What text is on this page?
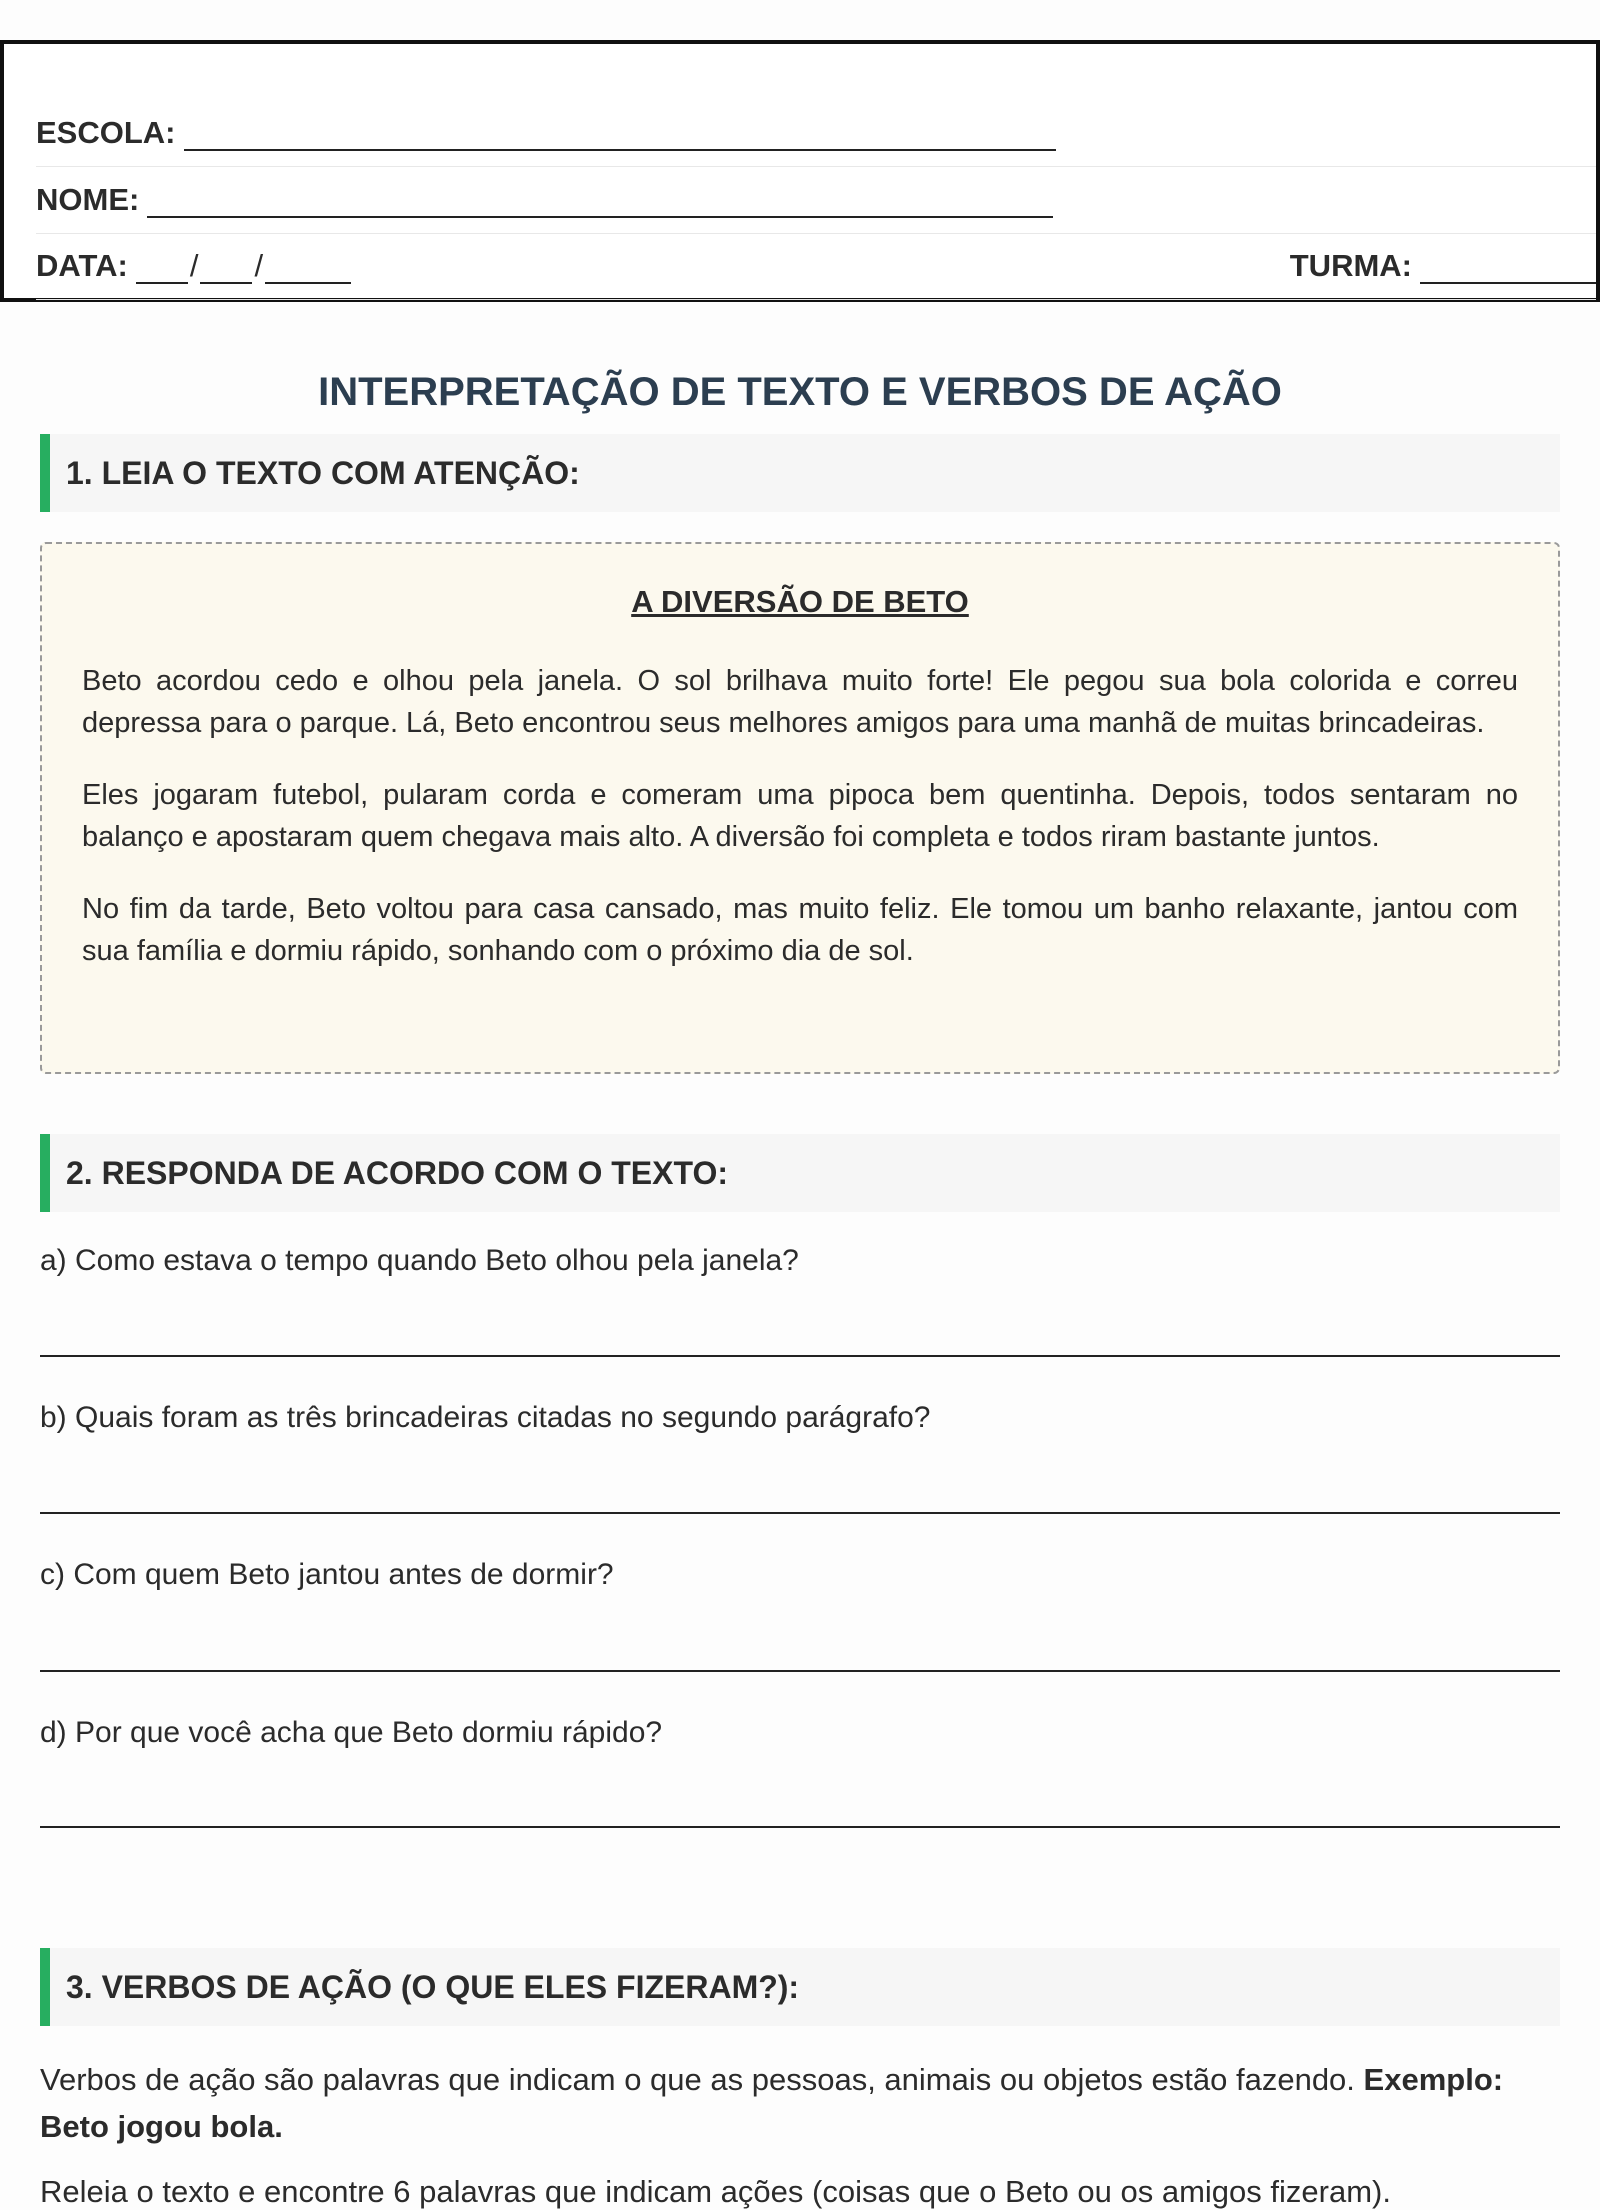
ESCOLA:
NOME:
DATA: / /	TURMA:
INTERPRETAÇÃO DE TEXTO E VERBOS DE AÇÃO
1. LEIA O TEXTO COM ATENÇÃO:
A DIVERSÃO DE BETO

Beto acordou cedo e olhou pela janela. O sol brilhava muito forte! Ele pegou sua bola colorida e correu depressa para o parque. Lá, Beto encontrou seus melhores amigos para uma manhã de muitas brincadeiras.

Eles jogaram futebol, pularam corda e comeram uma pipoca bem quentinha. Depois, todos sentaram no balanço e apostaram quem chegava mais alto. A diversão foi completa e todos riram bastante juntos.

No fim da tarde, Beto voltou para casa cansado, mas muito feliz. Ele tomou um banho relaxante, jantou com sua família e dormiu rápido, sonhando com o próximo dia de sol.

2. RESPONDA DE ACORDO COM O TEXTO:
a) Como estava o tempo quando Beto olhou pela janela?
b) Quais foram as três brincadeiras citadas no segundo parágrafo?
c) Com quem Beto jantou antes de dormir?
d) Por que você acha que Beto dormiu rápido?
3. VERBOS DE AÇÃO (O QUE ELES FIZERAM?):
Verbos de ação são palavras que indicam o que as pessoas, animais ou objetos estão fazendo. Exemplo: Beto jogou bola.
Releia o texto e encontre 6 palavras que indicam ações (coisas que o Beto ou os amigos fizeram).
